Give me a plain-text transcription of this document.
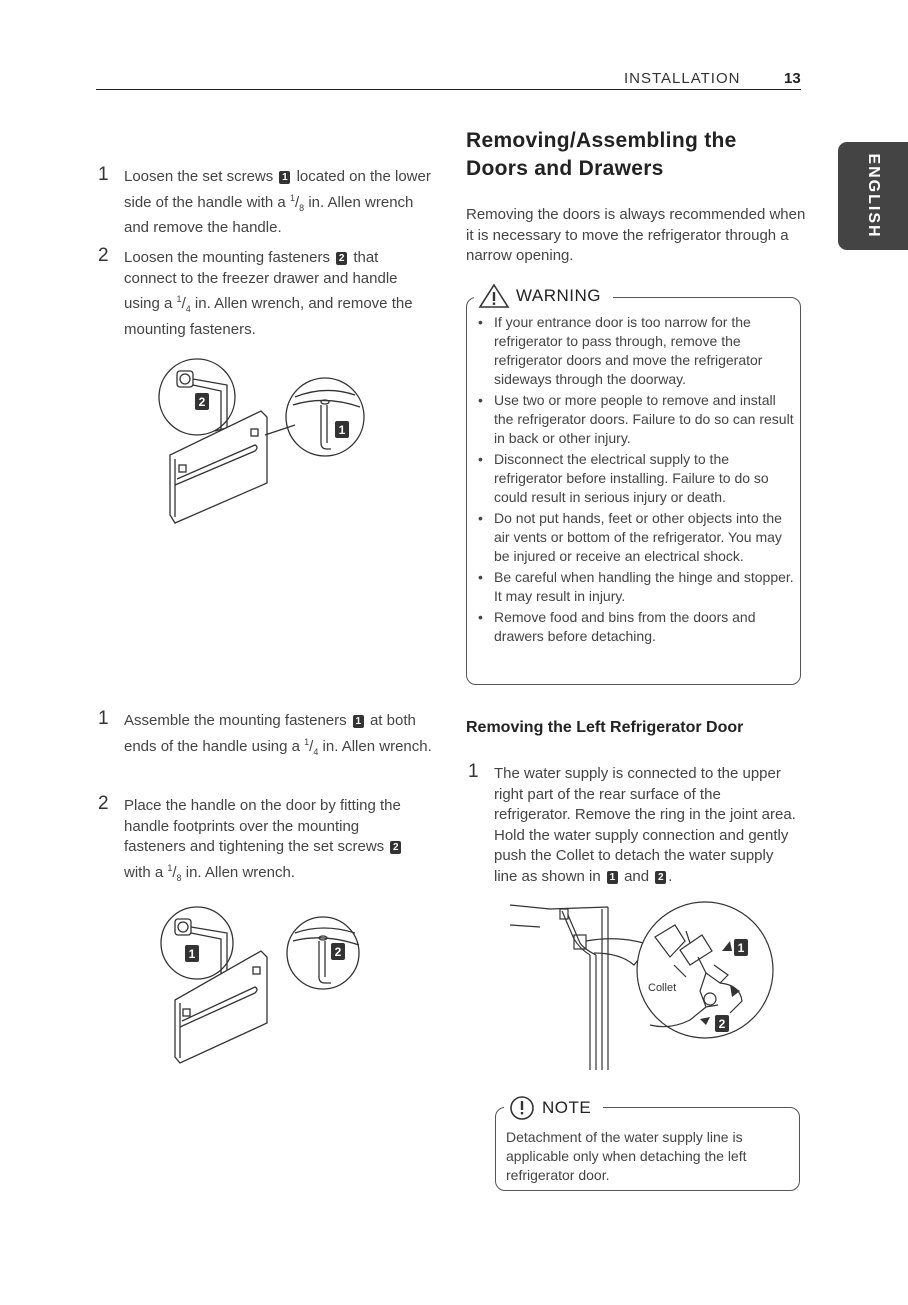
INSTALLATION	13
ENGLISH
1 Loosen the set screws 1 located on the lower side of the handle with a $^1/_8$ in. Allen wrench and remove the handle.
2 Loosen the mounting fasteners 2 that connect to the freezer drawer and handle using a $^1/_4$ in. Allen wrench, and remove the mounting fasteners.
2
1
1 Assemble the mounting fasteners 1 at both ends of the handle using a $^1/_4$ in. Allen wrench.
2 Place the handle on the door by fitting the handle footprints over the mounting fasteners and tightening the set screws 2 with a $^1/_8$ in. Allen wrench.
1	2
Removing/Assembling the Doors and Drawers
Removing the doors is always recommended when it is necessary to move the refrigerator through a narrow opening.
WARNING
• If your entrance door is too narrow for the refrigerator to pass through, remove the refrigerator doors and move the refrigerator sideways through the doorway.
• Use two or more people to remove and install the refrigerator doors. Failure to do so can result in back or other injury.
• Disconnect the electrical supply to the refrigerator before installing. Failure to do so could result in serious injury or death.
• Do not put hands, feet or other objects into the air vents or bottom of the refrigerator. You may be injured or receive an electrical shock.
• Be careful when handling the hinge and stopper. It may result in injury.
• Remove food and bins from the doors and drawers before detaching.
Removing the Left Refrigerator Door
1 The water supply is connected to the upper right part of the rear surface of the refrigerator. Remove the ring in the joint area. Hold the water supply connection and gently push the Collet to detach the water supply line as shown in 1 and 2 .
1
2
Collet
NOTE
Detachment of the water supply line is applicable only when detaching the left refrigerator door.
